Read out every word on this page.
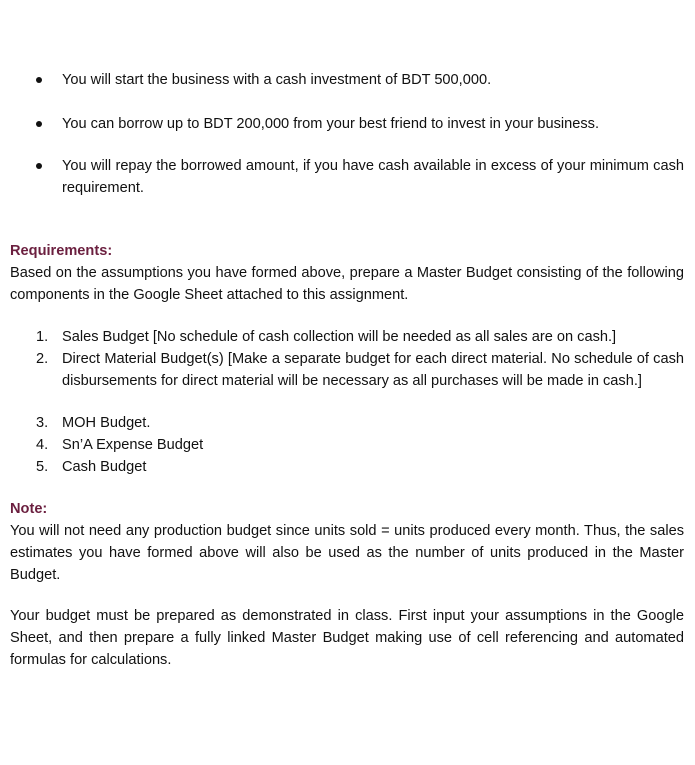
You will start the business with a cash investment of BDT 500,000.
You can borrow up to BDT 200,000 from your best friend to invest in your business.
You will repay the borrowed amount, if you have cash available in excess of your minimum cash requirement.
Requirements:
Based on the assumptions you have formed above, prepare a Master Budget consisting of the following components in the Google Sheet attached to this assignment.
1. Sales Budget [No schedule of cash collection will be needed as all sales are on cash.]
2. Direct Material Budget(s) [Make a separate budget for each direct material. No schedule of cash disbursements for direct material will be necessary as all purchases will be made in cash.]
3. MOH Budget.
4. Sn’A Expense Budget
5. Cash Budget
Note:
You will not need any production budget since units sold = units produced every month. Thus, the sales estimates you have formed above will also be used as the number of units produced in the Master Budget.
Your budget must be prepared as demonstrated in class. First input your assumptions in the Google Sheet, and then prepare a fully linked Master Budget making use of cell referencing and automated formulas for calculations.
